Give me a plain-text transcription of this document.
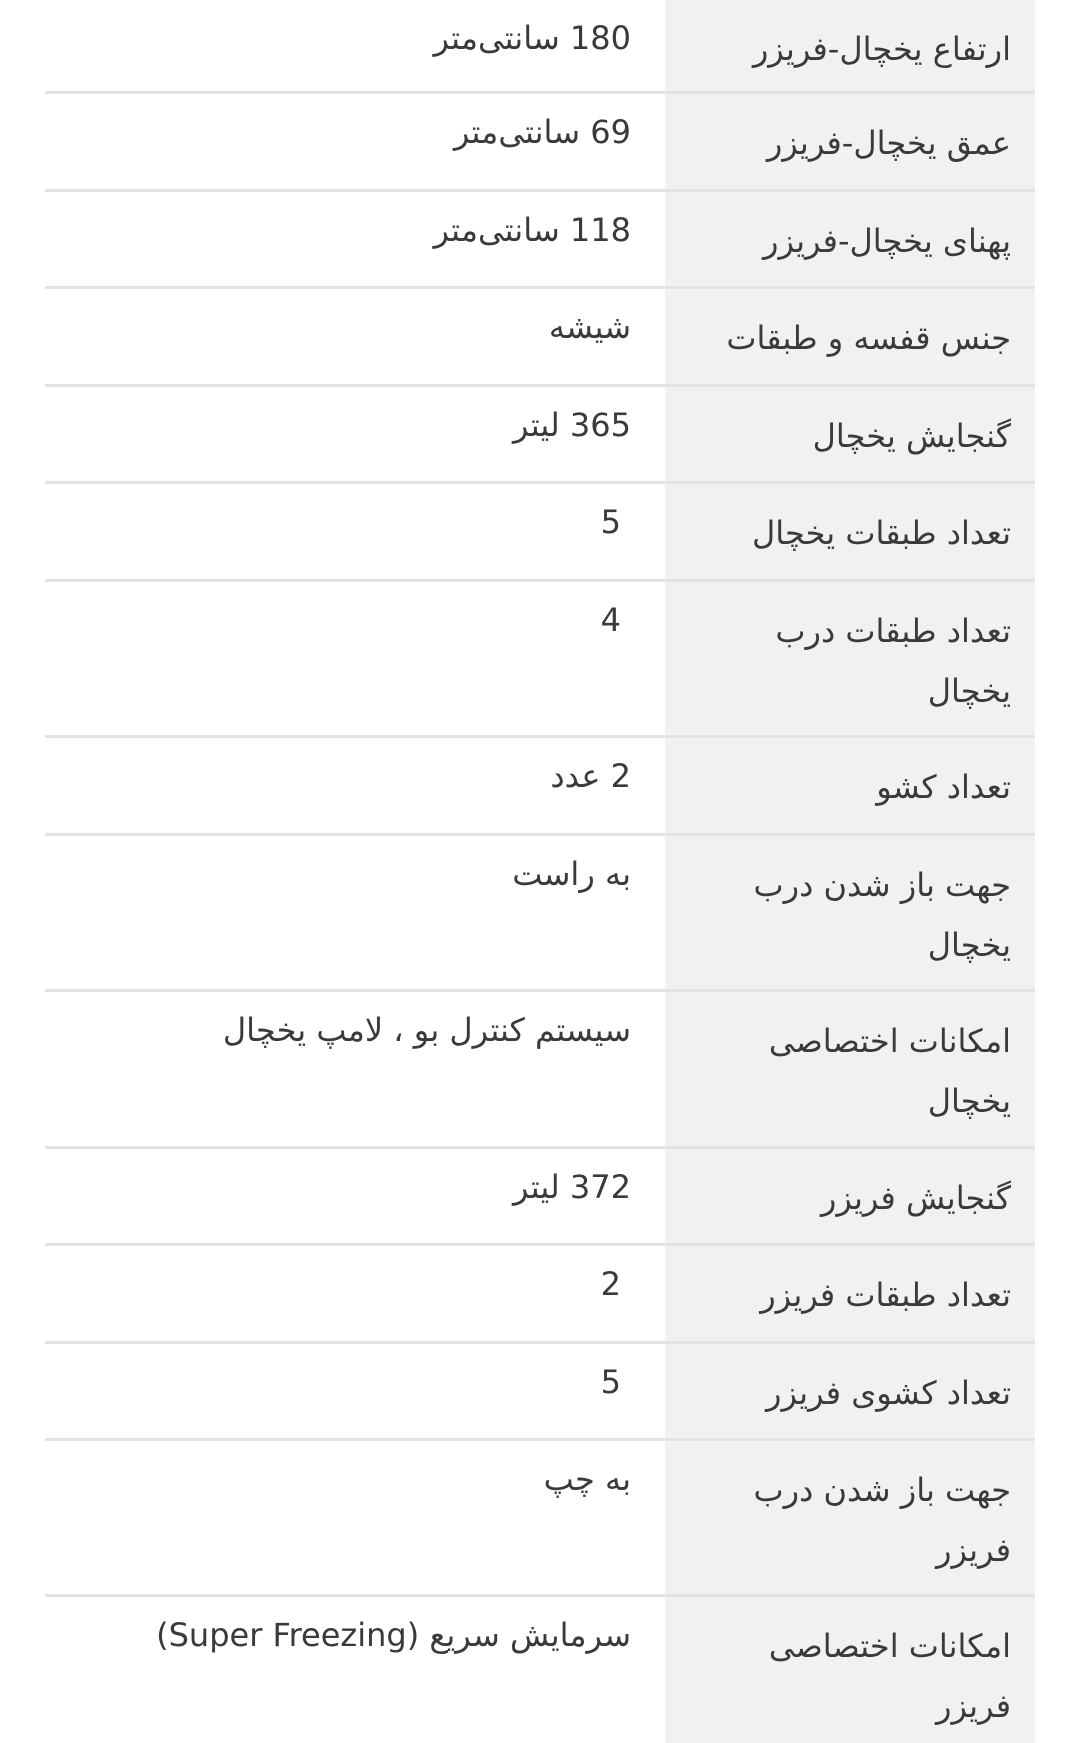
ارتفاع یخچال-فریزر
180 سانتی‌متر
عمق یخچال-فریزر
69 سانتی‌متر
پهنای یخچال-فریزر
118 سانتی‌متر
جنس قفسه و طبقات
شیشه
گنجایش یخچال
365 لیتر
تعداد طبقات یخچال
5
تعداد طبقات درب یخچال
4
تعداد کشو
2 عدد
جهت باز شدن درب یخچال
به راست
امکانات اختصاصی یخچال
سیستم کنترل بو ، لامپ یخچال
گنجایش فریزر
372 لیتر
تعداد طبقات فریزر
2
تعداد کشوی فریزر
5
جهت باز شدن درب فریزر
به چپ
امکانات اختصاصی فریزر
سرمایش سریع (Super Freezing)
